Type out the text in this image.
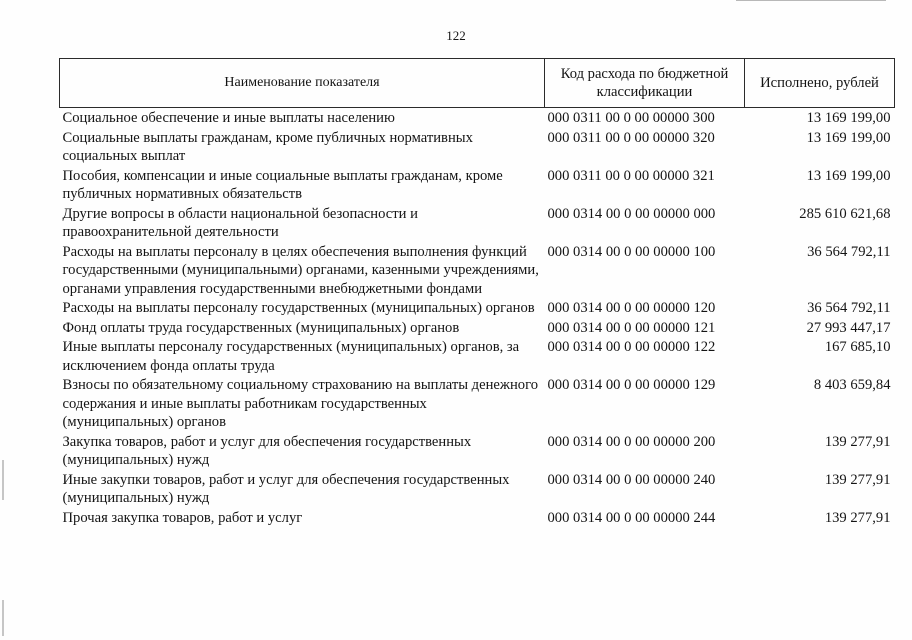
122
Наименование показателя	Код расхода по бюджетной классификации	Исполнено, рублей
Социальное обеспечение и иные выплаты населению	000 0311 00 0 00 00000 300	13 169 199,00
Социальные выплаты гражданам, кроме публичных нормативных социальных выплат	000 0311 00 0 00 00000 320	13 169 199,00
Пособия, компенсации и иные социальные выплаты гражданам, кроме публичных нормативных обязательств	000 0311 00 0 00 00000 321	13 169 199,00
Другие вопросы в области национальной безопасности и правоохранительной деятельности	000 0314 00 0 00 00000 000	285 610 621,68
Расходы на выплаты персоналу в целях обеспечения выполнения функций государственными (муниципальными) органами, казенными учреждениями, органами управления государственными внебюджетными фондами	000 0314 00 0 00 00000 100	36 564 792,11
Расходы на выплаты персоналу государственных (муниципальных) органов	000 0314 00 0 00 00000 120	36 564 792,11
Фонд оплаты труда государственных (муниципальных) органов	000 0314 00 0 00 00000 121	27 993 447,17
Иные выплаты персоналу государственных (муниципальных) органов, за исключением фонда оплаты труда	000 0314 00 0 00 00000 122	167 685,10
Взносы по обязательному социальному страхованию на выплаты денежного содержания и иные выплаты работникам государственных (муниципальных) органов	000 0314 00 0 00 00000 129	8 403 659,84
Закупка товаров, работ и услуг для обеспечения государственных (муниципальных) нужд	000 0314 00 0 00 00000 200	139 277,91
Иные закупки товаров, работ и услуг для обеспечения государственных (муниципальных) нужд	000 0314 00 0 00 00000 240	139 277,91
Прочая закупка товаров, работ и услуг	000 0314 00 0 00 00000 244	139 277,91
